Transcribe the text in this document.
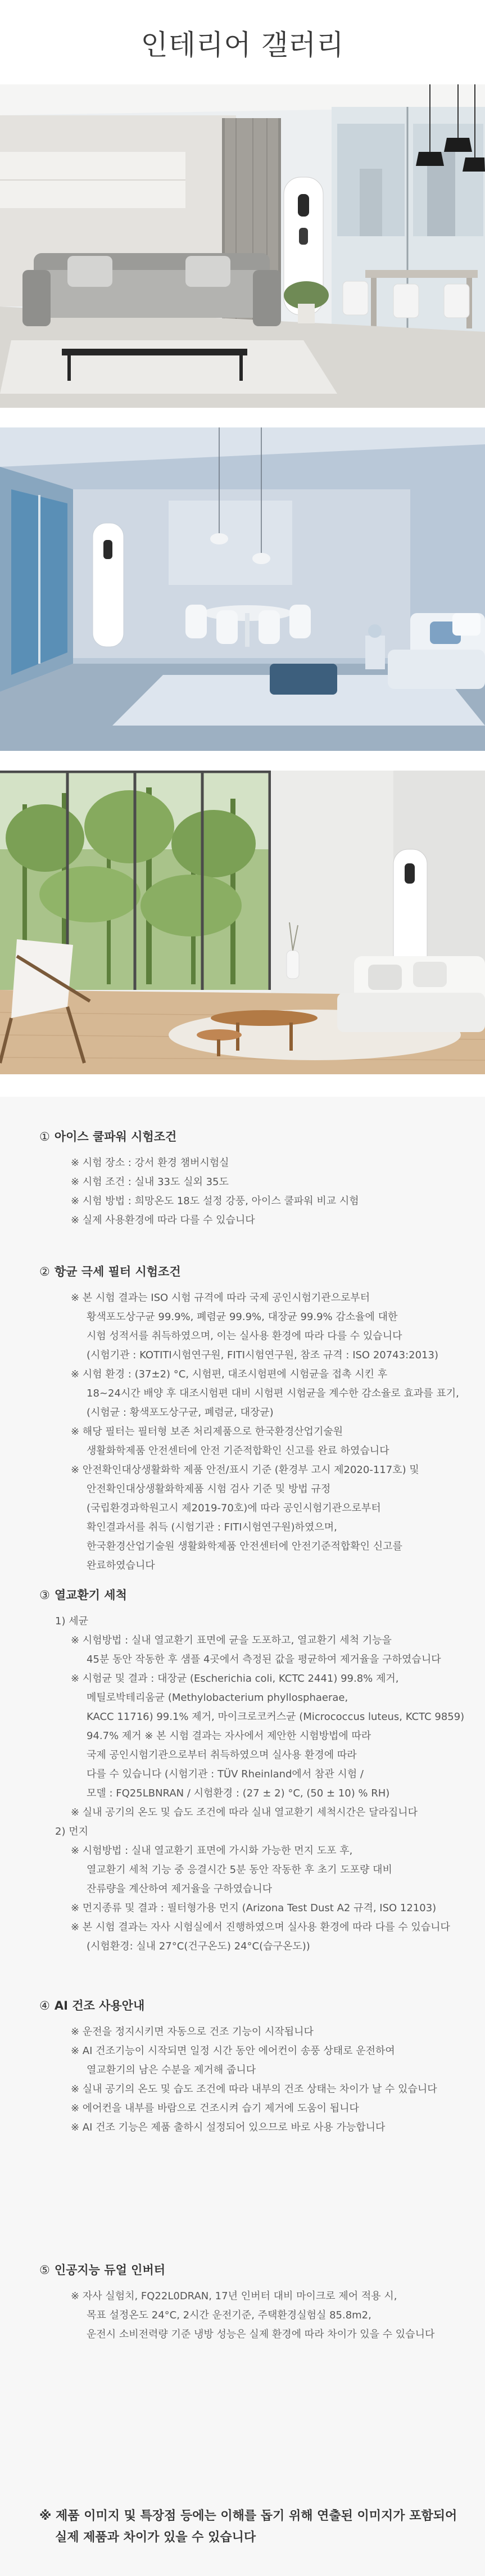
인테리어 갤러리

① 아이스 쿨파워 시험조건

※ 시험 장소 : 강서 환경 챔버시험실

※ 시험 조건 : 실내 33도 실외 35도

※ 시험 방법 : 희망온도 18도 설정 강풍, 아이스 쿨파워 비교 시험

※ 실제 사용환경에 따라 다를 수 있습니다

② 항균 극세 필터 시험조건

※ 본 시험 결과는 ISO 시험 규격에 따라 국제 공인시험기관으로부터

황색포도상구균 99.9%, 폐렴균 99.9%, 대장균 99.9% 감소율에 대한

시험 성적서를 취득하였으며, 이는 실사용 환경에 따라 다를 수 있습니다

(시험기관 : KOTITI시험연구원, FITI시험연구원, 참조 규격 : ISO 20743:2013)

※ 시험 환경 : (37±2) °C, 시험편, 대조시험편에 시험균을 접촉 시킨 후

18~24시간 배양 후 대조시험편 대비 시험편 시험균을 계수한 감소율로 효과를 표기,

(시험균 : 황색포도상구균, 폐렴균, 대장균)

※ 해당 필터는 필터형 보존 처리제품으로 한국환경산업기술원

생활화학제품 안전센터에 안전 기준적합확인 신고를 완료 하였습니다

※ 안전확인대상생활화학 제품 안전/표시 기준 (환경부 고시 제2020-117호) 및

안전확인대상생활화학제품 시험 검사 기준 및 방법 규정

(국립환경과학원고시 제2019-70호)에 따라 공인시험기관으로부터

확인결과서를 취득 (시험기관 : FITI시험연구원)하였으며,

한국환경산업기술원 생활화학제품 안전센터에 안전기준적합확인 신고를

완료하였습니다

③ 열교환기 세척

1) 세균

※ 시험방법 : 실내 열교환기 표면에 균을 도포하고, 열교환기 세척 기능을

45분 동안 작동한 후 샘플 4곳에서 측정된 값을 평균하여 제거율을 구하였습니다

※ 시험균 및 결과 : 대장균 (Escherichia coli, KCTC 2441) 99.8% 제거,

메틸로박테리움균 (Methylobacterium phyllosphaerae,

KACC 11716) 99.1% 제거, 마이크로코커스균 (Micrococcus luteus, KCTC 9859)

94.7% 제거 ※ 본 시험 결과는 자사에서 제안한 시험방법에 따라

국제 공인시험기관으로부터 취득하였으며 실사용 환경에 따라

다를 수 있습니다 (시험기관 : TÜV Rheinland에서 참관 시험 /

모델 : FQ25LBNRAN / 시험환경 : (27 ± 2) °C, (50 ± 10) % RH)

※ 실내 공기의 온도 및 습도 조건에 따라 실내 열교환기 세척시간은 달라집니다

2) 먼지

※ 시험방법 : 실내 열교환기 표면에 가시화 가능한 먼지 도포 후,

열교환기 세척 기능 중 응결시간 5분 동안 작동한 후 초기 도포량 대비

잔류량을 계산하여 제거율을 구하였습니다

※ 먼지종류 및 결과 : 필터형가용 먼지 (Arizona Test Dust A2 규격, ISO 12103)

※ 본 시험 결과는 자사 시험실에서 진행하였으며 실사용 환경에 따라 다를 수 있습니다

(시험환경: 실내 27°C(건구온도) 24°C(습구온도))

④ AI 건조 사용안내

※ 운전을 정지시키면 자동으로 건조 기능이 시작됩니다

※ AI 건조기능이 시작되면 일정 시간 동안 에어컨이 송풍 상태로 운전하여

열교환기의 남은 수분을 제거해 줍니다

※ 실내 공기의 온도 및 습도 조건에 따라 내부의 건조 상태는 차이가 날 수 있습니다

※ 에어컨을 내부를 바람으로 건조시켜 습기 제거에 도움이 됩니다

※ AI 건조 기능은 제품 출하시 설정되어 있으므로 바로 사용 가능합니다

⑤ 인공지능 듀얼 인버터

※ 자사 실험치, FQ22L0DRAN, 17년 인버터 대비 마이크로 제어 적용 시,

목표 설정온도 24°C, 2시간 운전기준, 주택환경실험실 85.8m2,

운전시 소비전력량 기준 냉방 성능은 실제 환경에 따라 차이가 있을 수 있습니다

※ 제품 이미지 및 특장점 등에는 이해를 돕기 위해 연출된 이미지가 포함되어

실제 제품과 차이가 있을 수 있습니다
